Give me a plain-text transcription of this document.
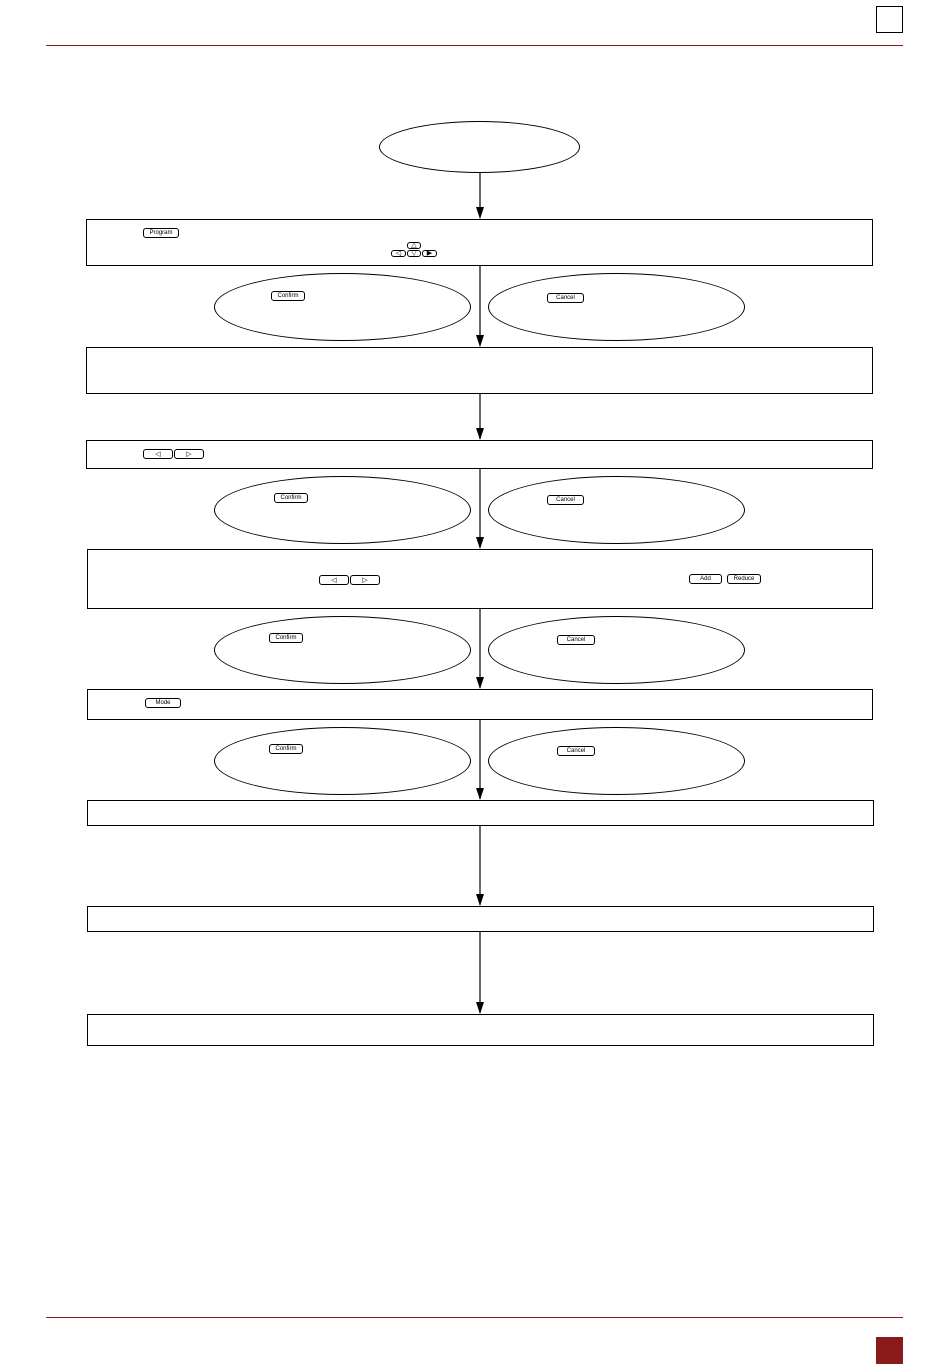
Program
△
◁	▽	▶
Confirm	Cancel
◁	▷
Confirm	Cancel
◁	▷	Add	Reduce
Confirm	Cancel
Mode
Confirm	Cancel
